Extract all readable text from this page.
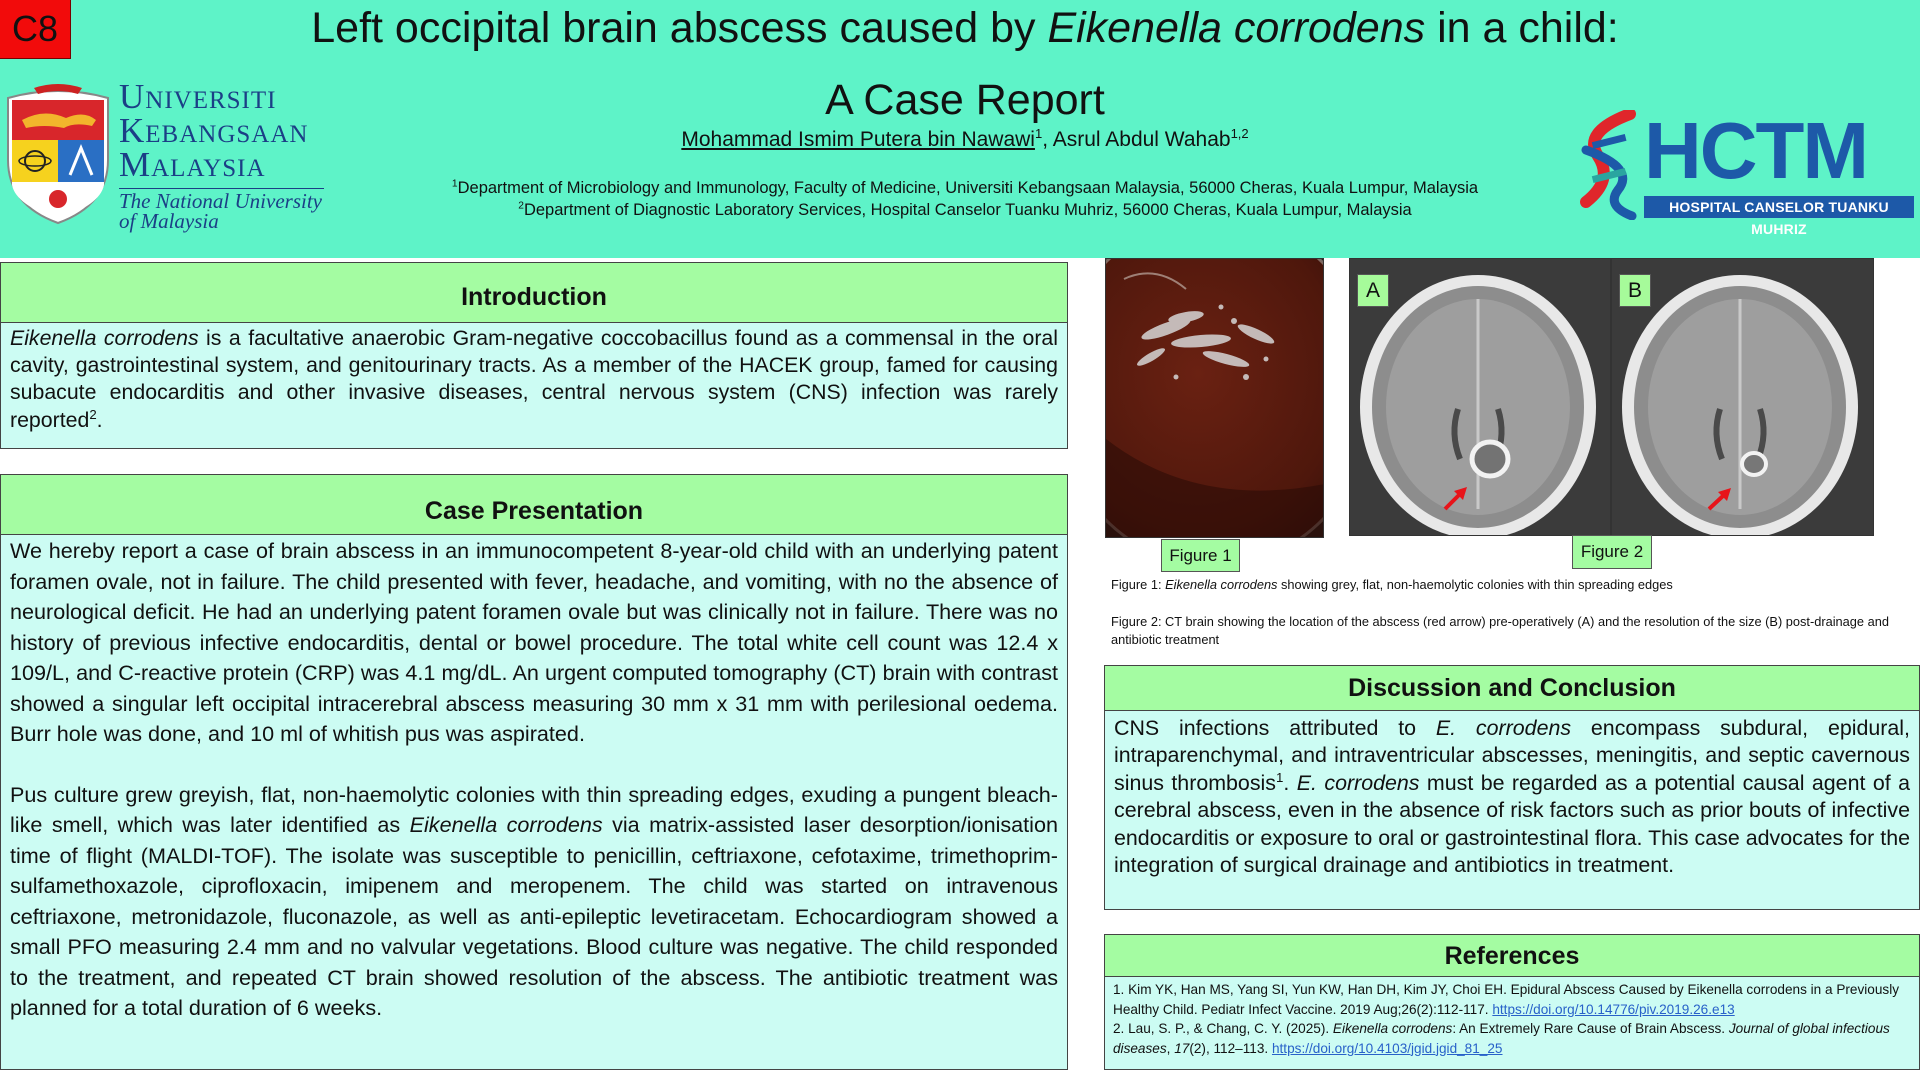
C8	Left occipital brain abscess caused by Eikenella corrodens in a child:
A Case Report
Mohammad Ismim Putera bin Nawawi$^1$, Asrul Abdul Wahab$^{1,2}$
$^1$Department of Microbiology and Immunology, Faculty of Medicine, Universiti Kebangsaan Malaysia, 56000 Cheras, Kuala Lumpur, Malaysia
$^2$Department of Diagnostic Laboratory Services, Hospital Canselor Tuanku Muhriz, 56000 Cheras, Kuala Lumpur, Malaysia
Universiti
Kebangsaan
Malaysia
The National University
of Malaysia
HCTM
HOSPITAL CANSELOR TUANKU MUHRIZ
Introduction

Eikenella corrodens is a facultative anaerobic Gram-negative coccobacillus found as a commensal in the oral cavity, gastrointestinal system, and genitourinary tracts. As a member of the HACEK group, famed for causing subacute endocarditis and other invasive diseases, central nervous system (CNS) infection was rarely reported$^2$.

Case Presentation

We hereby report a case of brain abscess in an immunocompetent 8-year-old child with an underlying patent foramen ovale, not in failure. The child presented with fever, headache, and vomiting, with no the absence of neurological deficit. He had an underlying patent foramen ovale but was clinically not in failure. There was no history of previous infective endocarditis, dental or bowel procedure. The total white cell count was 12.4 x 109/L, and C-reactive protein (CRP) was 4.1 mg/dL. An urgent computed tomography (CT) brain with contrast showed a singular left occipital intracerebral abscess measuring 30 mm x 31 mm with perilesional oedema. Burr hole was done, and 10 ml of whitish pus was aspirated.

Pus culture grew greyish, flat, non-haemolytic colonies with thin spreading edges, exuding a pungent bleach-like smell, which was later identified as Eikenella corrodens via matrix-assisted laser desorption/ionisation time of flight (MALDI-TOF). The isolate was susceptible to penicillin, ceftriaxone, cefotaxime, trimethoprim-sulfamethoxazole, ciprofloxacin, imipenem and meropenem. The child was started on intravenous ceftriaxone, metronidazole, fluconazole, as well as anti-epileptic levetiracetam. Echocardiogram showed a small PFO measuring 2.4 mm and no valvular vegetations. Blood culture was negative. The child responded to the treatment, and repeated CT brain showed resolution of the abscess. The antibiotic treatment was planned for a total duration of 6 weeks.

A	B
Figure 1	Figure 2
Figure 1: Eikenella corrodens showing grey, flat, non-haemolytic colonies with thin spreading edges
Figure 2: CT brain showing the location of the abscess (red arrow) pre-operatively (A) and the resolution of the size (B) post-drainage and antibiotic treatment
Discussion and Conclusion

CNS infections attributed to E. corrodens encompass subdural, epidural, intraparenchymal, and intraventricular abscesses, meningitis, and septic cavernous sinus thrombosis$^1$. E. corrodens must be regarded as a potential causal agent of a cerebral abscess, even in the absence of risk factors such as prior bouts of infective endocarditis or exposure to oral or gastrointestinal flora. This case advocates for the integration of surgical drainage and antibiotics in treatment.

References

1. Kim YK, Han MS, Yang SI, Yun KW, Han DH, Kim JY, Choi EH. Epidural Abscess Caused by Eikenella corrodens in a Previously Healthy Child. Pediatr Infect Vaccine. 2019 Aug;26(2):112-117. https://doi.org/10.14776/piv.2019.26.e13

2. Lau, S. P., & Chang, C. Y. (2025). Eikenella corrodens: An Extremely Rare Cause of Brain Abscess. Journal of global infectious diseases, 17(2), 112–113. https://doi.org/10.4103/jgid.jgid_81_25
